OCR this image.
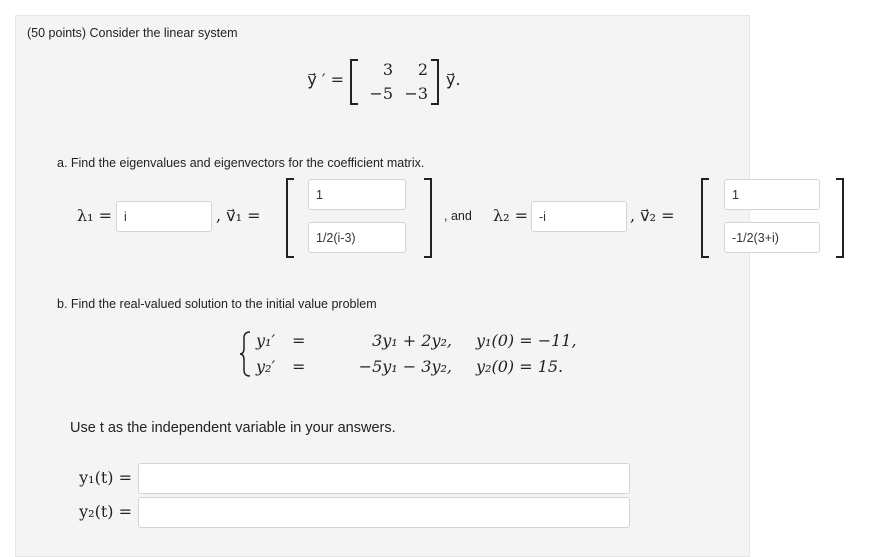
(50 points) Consider the linear system
y⃗ ′ =
3	2
−5 −3
y⃗.
a. Find the eigenvalues and eigenvectors for the coefficient matrix.
λ₁ = i	, v⃗₁ =
1
1/2(i-3)
, and λ₂ = -i	, v⃗₂ =
1
-1/2(3+i)
b. Find the real-valued solution to the initial value problem
y₁′	=	3y₁ + 2y₂,	y₁(0) = −11,
y₂′	=	−5y₁ − 3y₂,	y₂(0) = 15.
Use t as the independent variable in your answers.
y₁(t) =
y₂(t) =
